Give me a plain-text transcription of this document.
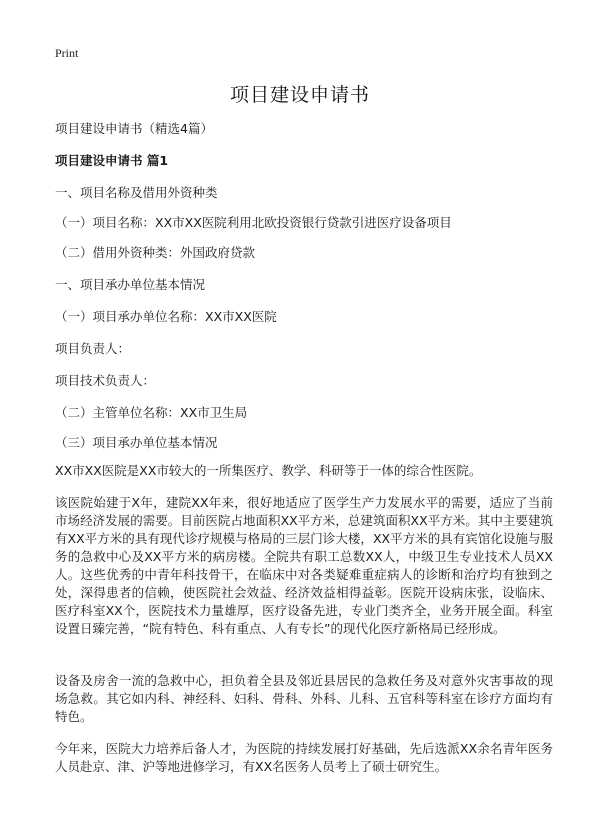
Print
项目建设申请书
项目建设申请书（精选4篇）
项目建设申请书 篇1
一、项目名称及借用外资种类
（一）项目名称：XX市XX医院利用北欧投资银行贷款引进医疗设备项目
（二）借用外资种类：外国政府贷款
一、项目承办单位基本情况
（一）项目承办单位名称：XX市XX医院
项目负责人：
项目技术负责人：
（二）主管单位名称：XX市卫生局
（三）项目承办单位基本情况
XX市XX医院是XX市较大的一所集医疗、教学、科研等于一体的综合性医院。
该医院始建于X年，建院XX年来，很好地适应了医学生产力发展水平的需要，适应了当前市场经济发展的需要。目前医院占地面积XX平方米，总建筑面积XX平方米。其中主要建筑有XX平方米的具有现代诊疗规模与格局的三层门诊大楼，XX平方米的具有宾馆化设施与服务的急救中心及XX平方米的病房楼。全院共有职工总数XX人，中级卫生专业技术人员XX人。这些优秀的中青年科技骨干，在临床中对各类疑难重症病人的诊断和治疗均有独到之处，深得患者的信赖，使医院社会效益、经济效益相得益彰。医院开设病床张，设临床、医疗科室XX个，医院技术力量雄厚，医疗设备先进，专业门类齐全，业务开展全面。科室设置日臻完善，“院有特色、科有重点、人有专长”的现代化医疗新格局已经形成。
设备及房舍一流的急救中心，担负着全县及邻近县居民的急救任务及对意外灾害事故的现场急救。其它如内科、神经科、妇科、骨科、外科、儿科、五官科等科室在诊疗方面均有特色。
今年来，医院大力培养后备人才，为医院的持续发展打好基础，先后选派XX余名青年医务人员赴京、津、沪等地进修学习，有XX名医务人员考上了硕士研究生。
